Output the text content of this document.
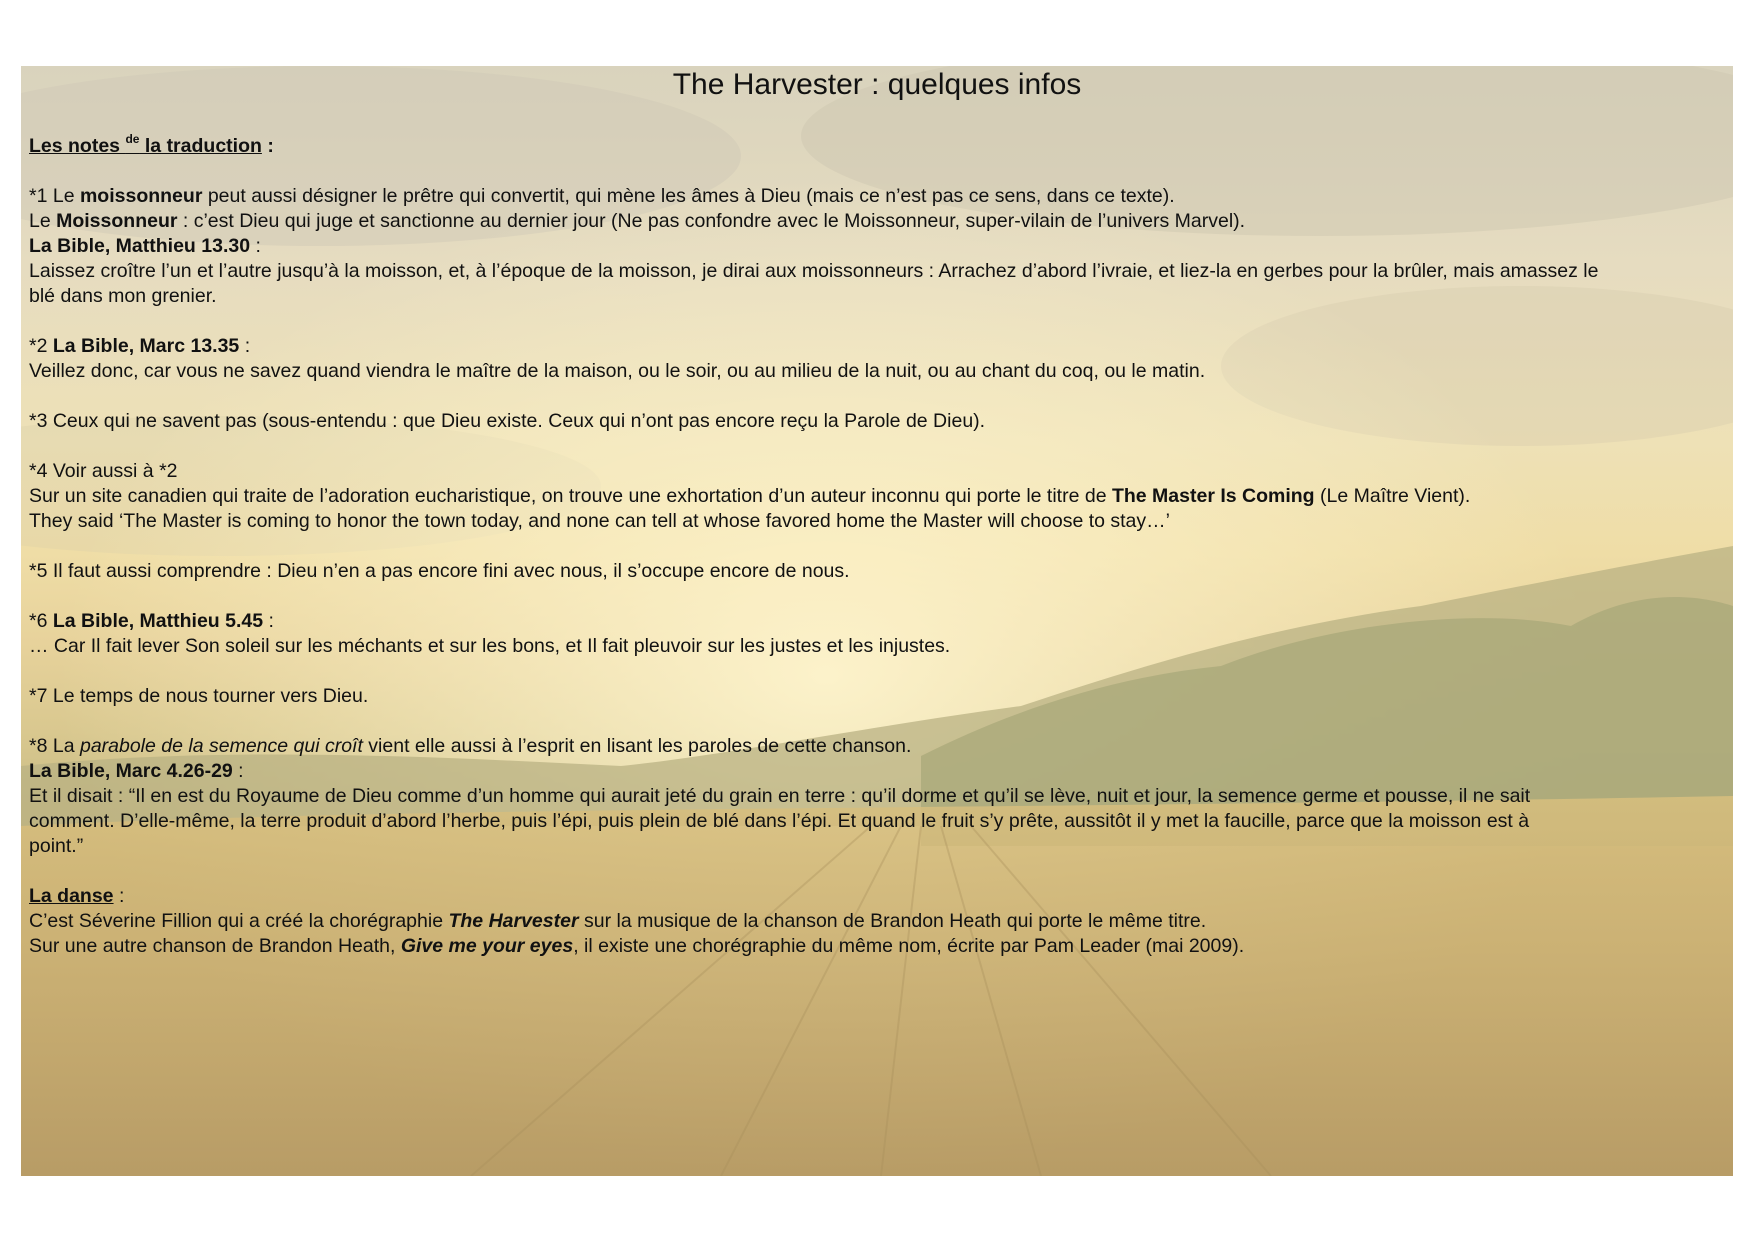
The Harvester : quelques infos
Les notes $^{de}$ la traduction :
*1 Le moissonneur peut aussi désigner le prêtre qui convertit, qui mène les âmes à Dieu (mais ce n’est pas ce sens, dans ce texte).
Le Moissonneur : c’est Dieu qui juge et sanctionne au dernier jour (Ne pas confondre avec le Moissonneur, super-vilain de l’univers Marvel).
La Bible, Matthieu 13.30 :
Laissez croître l’un et l’autre jusqu’à la moisson, et, à l’époque de la moisson, je dirai aux moissonneurs : Arrachez d’abord l’ivraie, et liez-la en gerbes pour la brûler, mais amassez le
blé dans mon grenier.
*2 La Bible, Marc 13.35 :
Veillez donc, car vous ne savez quand viendra le maître de la maison, ou le soir, ou au milieu de la nuit, ou au chant du coq, ou le matin.
*3 Ceux qui ne savent pas (sous-entendu : que Dieu existe. Ceux qui n’ont pas encore reçu la Parole de Dieu).
*4 Voir aussi à *2
Sur un site canadien qui traite de l’adoration eucharistique, on trouve une exhortation d’un auteur inconnu qui porte le titre de The Master Is Coming (Le Maître Vient).
They said ‘The Master is coming to honor the town today, and none can tell at whose favored home the Master will choose to stay…’
*5 Il faut aussi comprendre : Dieu n’en a pas encore fini avec nous, il s’occupe encore de nous.
*6 La Bible, Matthieu 5.45 :
… Car Il fait lever Son soleil sur les méchants et sur les bons, et Il fait pleuvoir sur les justes et les injustes.
*7 Le temps de nous tourner vers Dieu.
*8 La parabole de la semence qui croît vient elle aussi à l’esprit en lisant les paroles de cette chanson.
La Bible, Marc 4.26-29 :
Et il disait : “Il en est du Royaume de Dieu comme d’un homme qui aurait jeté du grain en terre : qu’il dorme et qu’il se lève, nuit et jour, la semence germe et pousse, il ne sait
comment. D’elle-même, la terre produit d’abord l’herbe, puis l’épi, puis plein de blé dans l’épi. Et quand le fruit s’y prête, aussitôt il y met la faucille, parce que la moisson est à
point.”
La danse :
C’est Séverine Fillion qui a créé la chorégraphie The Harvester sur la musique de la chanson de Brandon Heath qui porte le même titre.
Sur une autre chanson de Brandon Heath, Give me your eyes, il existe une chorégraphie du même nom, écrite par Pam Leader (mai 2009).
